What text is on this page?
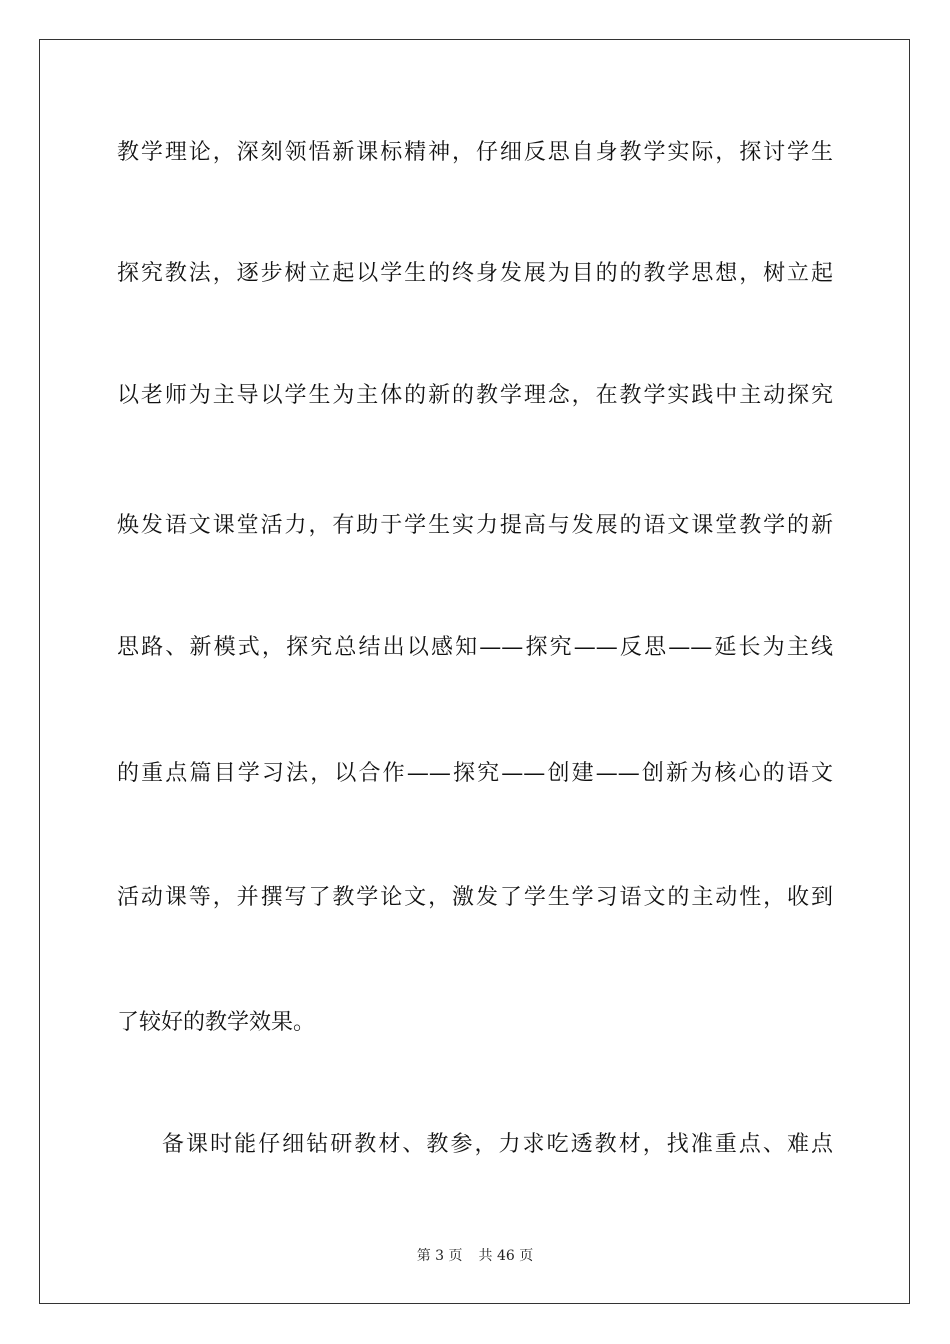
教学理论，深刻领悟新课标精神，仔细反思自身教学实际，探讨学生
探究教法，逐步树立起以学生的终身发展为目的的教学思想，树立起
以老师为主导以学生为主体的新的教学理念，在教学实践中主动探究
焕发语文课堂活力，有助于学生实力提高与发展的语文课堂教学的新
思路、新模式，探究总结出以感知——探究——反思——延长为主线
的重点篇目学习法，以合作——探究——创建——创新为核心的语文
活动课等，并撰写了教学论文，激发了学生学习语文的主动性，收到
了较好的教学效果。
备课时能仔细钻研教材、教参，力求吃透教材，找准重点、难点
第 3 页 共 46 页
